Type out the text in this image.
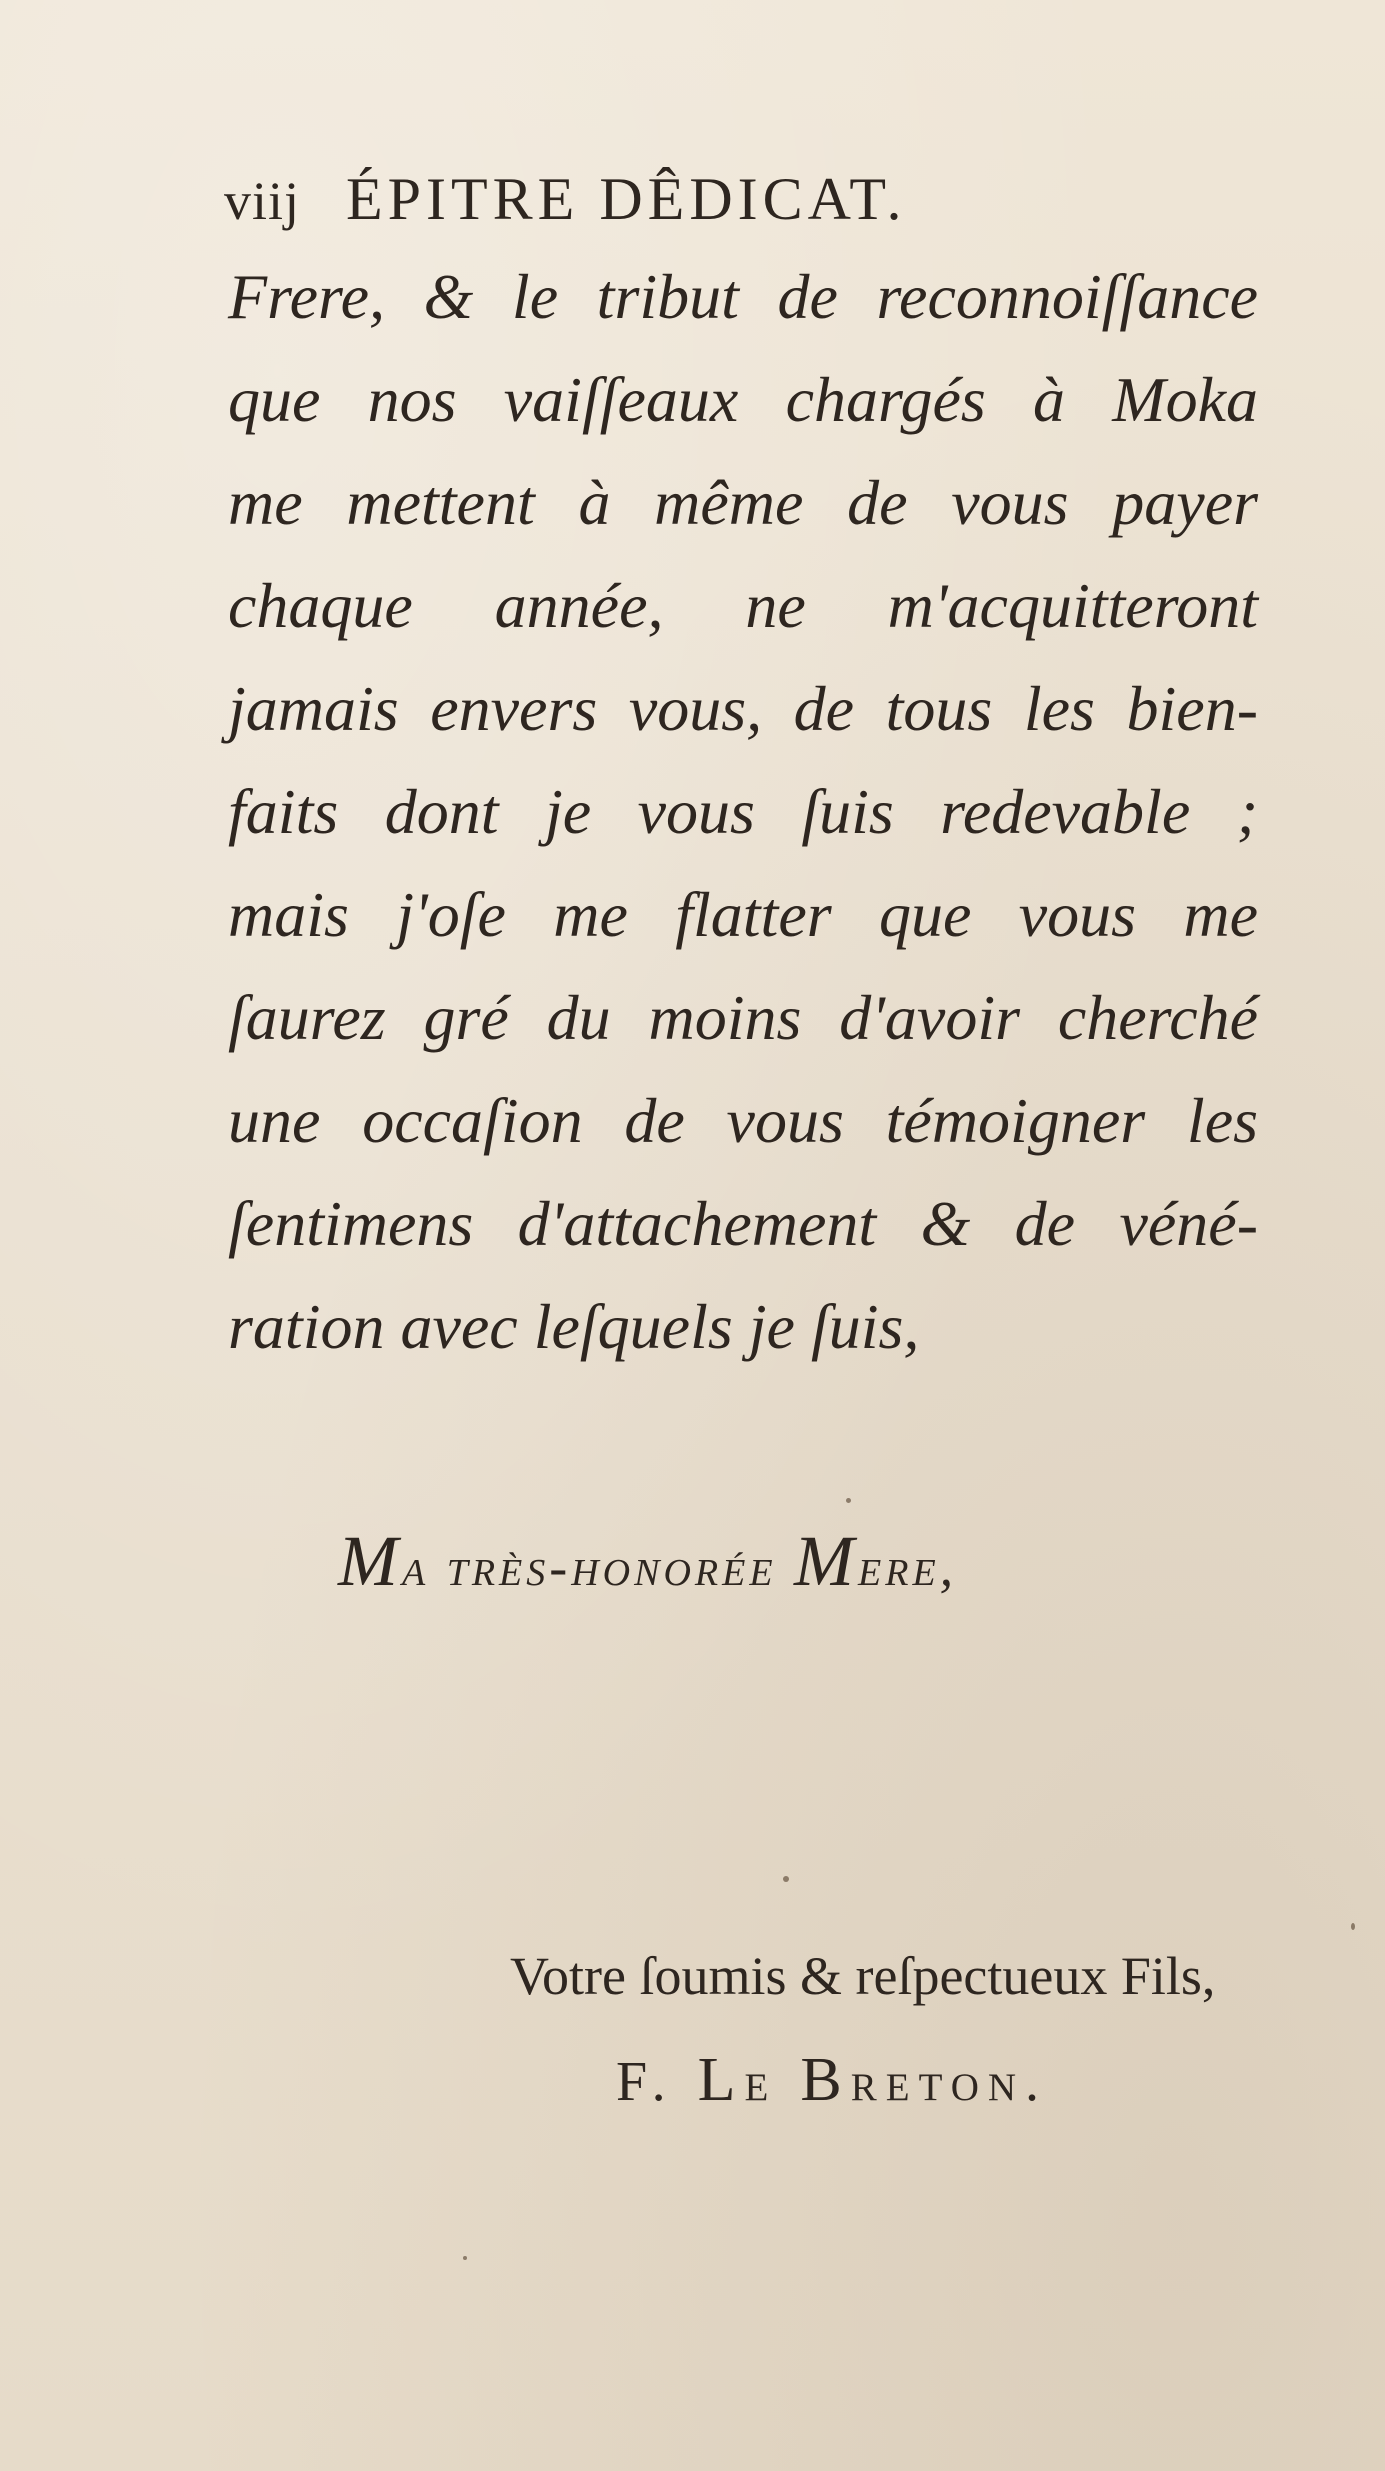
viij ÉPITRE DÊDICAT.
Frere, & le tribut de reconnoiſſance
que nos vaiſſeaux chargés à Moka
me mettent à même de vous payer
chaque année, ne m'acquitteront
jamais envers vous, de tous les bien-
faits dont je vous ſuis redevable ;
mais j'oſe me flatter que vous me
ſaurez gré du moins d'avoir cherché
une occaſion de vous témoigner les
ſentimens d'attachement & de véné-
ration avec leſquels je ſuis,
Ma très-honorée Mere,
Votre ſoumis & reſpectueux Fils,
F. Le Breton.
